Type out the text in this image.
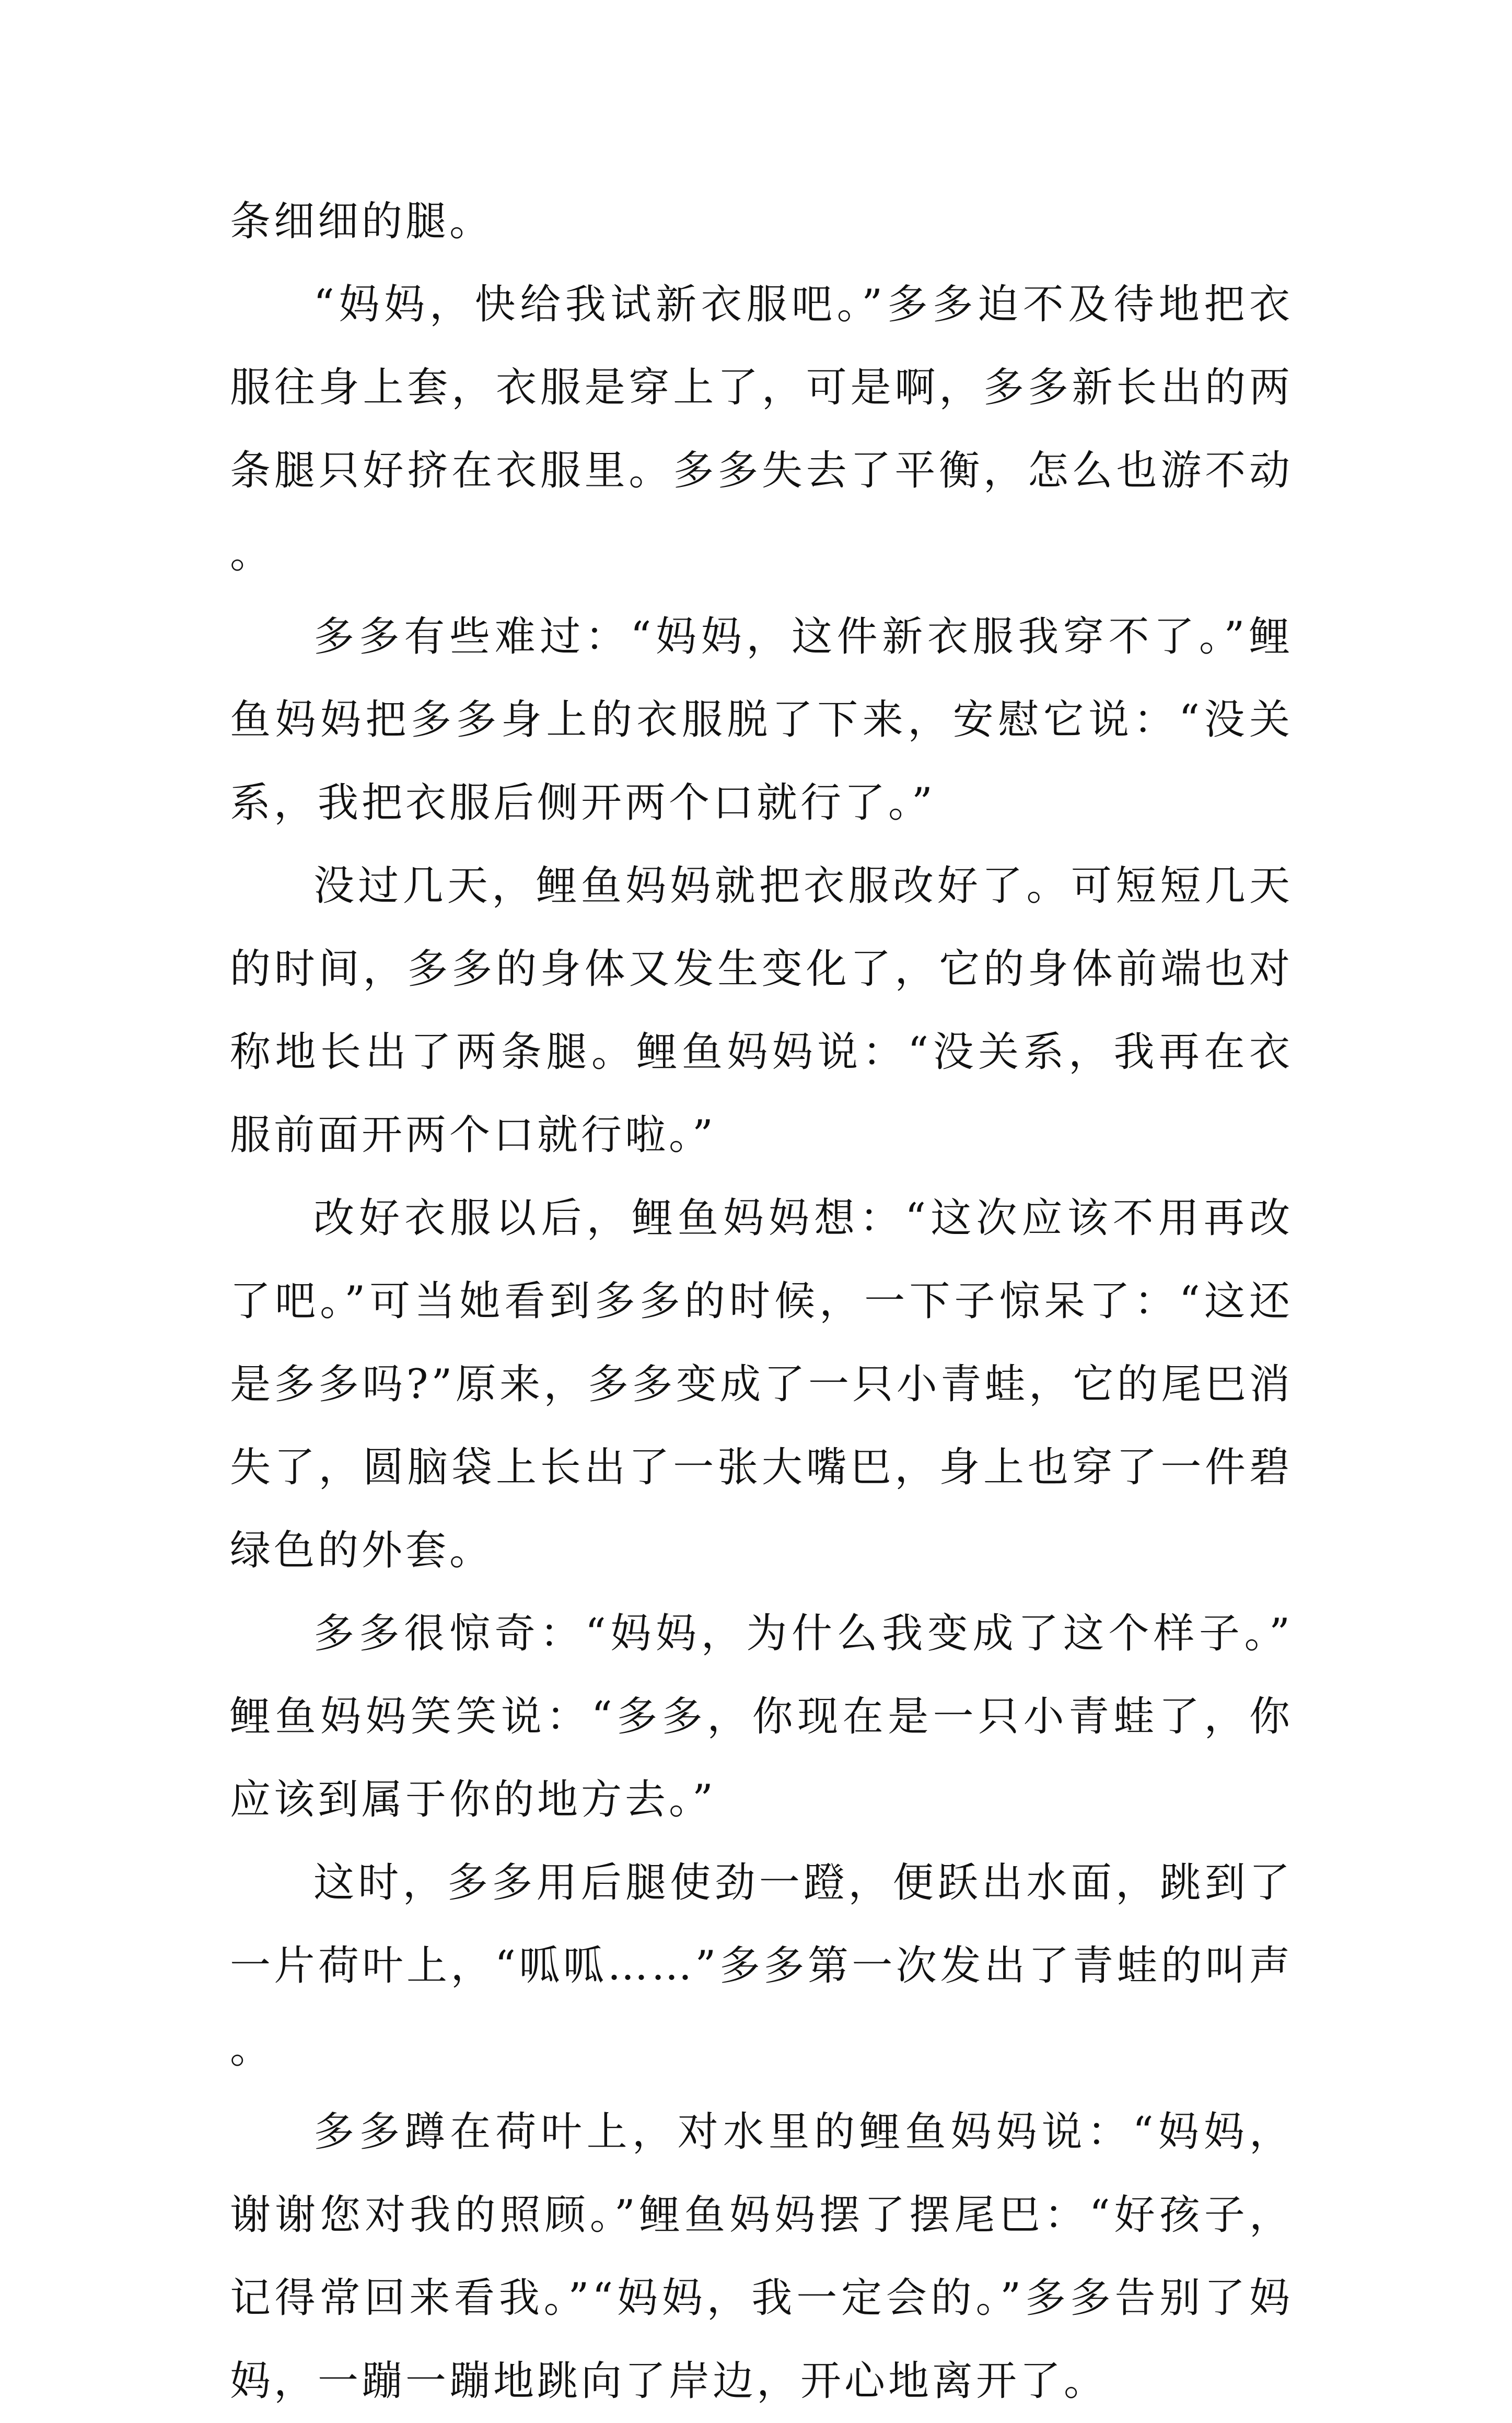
条细细的腿。

“妈妈，快给我试新衣服吧。”多多迫不及待地把衣服往身上套，衣服是穿上了，可是啊，多多新长出的两条腿只好挤在衣服里。多多失去了平衡，怎么也游不动。

多多有些难过：“妈妈，这件新衣服我穿不了。”鲤鱼妈妈把多多身上的衣服脱了下来，安慰它说：“没关系，我把衣服后侧开两个口就行了。”

没过几天，鲤鱼妈妈就把衣服改好了。可短短几天的时间，多多的身体又发生变化了，它的身体前端也对称地长出了两条腿。鲤鱼妈妈说：“没关系，我再在衣服前面开两个口就行啦。”

改好衣服以后，鲤鱼妈妈想：“这次应该不用再改了吧。”可当她看到多多的时候，一下子惊呆了：“这还是多多吗?”原来，多多变成了一只小青蛙，它的尾巴消失了，圆脑袋上长出了一张大嘴巴，身上也穿了一件碧绿色的外套。

多多很惊奇：“妈妈，为什么我变成了这个样子。”鲤鱼妈妈笑笑说：“多多，你现在是一只小青蛙了，你应该到属于你的地方去。”

这时，多多用后腿使劲一蹬，便跃出水面，跳到了一片荷叶上，“呱呱……”多多第一次发出了青蛙的叫声。

多多蹲在荷叶上，对水里的鲤鱼妈妈说：“妈妈，谢谢您对我的照顾。”鲤鱼妈妈摆了摆尾巴：“好孩子，记得常回来看我。”“妈妈，我一定会的。”多多告别了妈妈，一蹦一蹦地跳向了岸边，开心地离开了。
